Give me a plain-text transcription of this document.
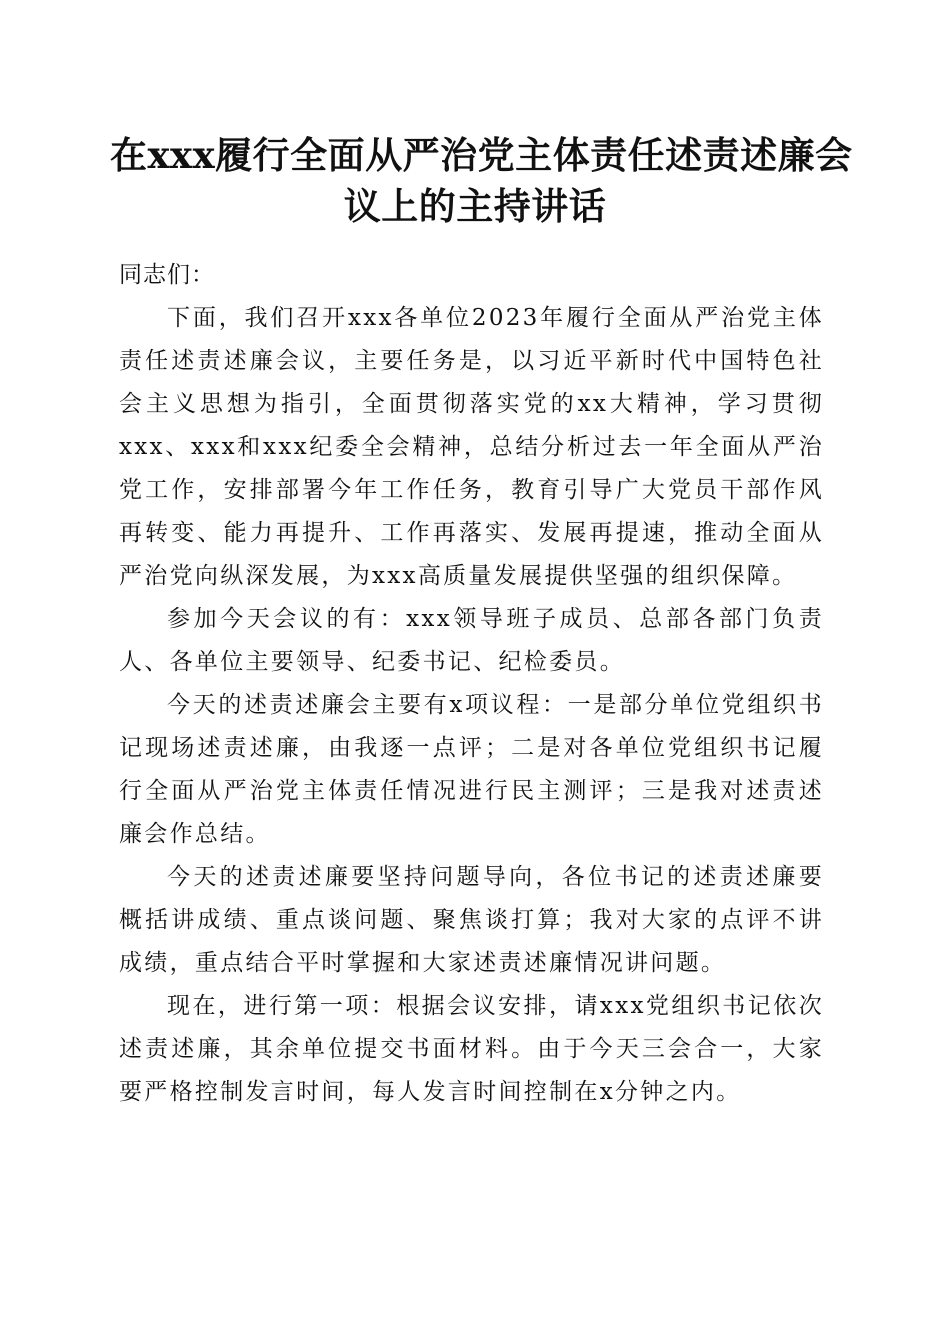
在xxx履行全面从严治党主体责任述责述廉会
议上的主持讲话

同志们：

下面，我们召开xxx各单位2023年履行全面从严治党主体责任述责述廉会议，主要任务是，以习近平新时代中国特色社会主义思想为指引，全面贯彻落实党的xx大精神，学习贯彻xxx、xxx和xxx纪委全会精神，总结分析过去一年全面从严治党工作，安排部署今年工作任务，教育引导广大党员干部作风再转变、能力再提升、工作再落实、发展再提速，推动全面从严治党向纵深发展，为xxx高质量发展提供坚强的组织保障。

参加今天会议的有：xxx领导班子成员、总部各部门负责人、各单位主要领导、纪委书记、纪检委员。

今天的述责述廉会主要有x项议程：一是部分单位党组织书记现场述责述廉，由我逐一点评；二是对各单位党组织书记履行全面从严治党主体责任情况进行民主测评；三是我对述责述廉会作总结。

今天的述责述廉要坚持问题导向，各位书记的述责述廉要概括讲成绩、重点谈问题、聚焦谈打算；我对大家的点评不讲成绩，重点结合平时掌握和大家述责述廉情况讲问题。

现在，进行第一项：根据会议安排，请xxx党组织书记依次述责述廉，其余单位提交书面材料。由于今天三会合一，大家要严格控制发言时间，每人发言时间控制在x分钟之内。
